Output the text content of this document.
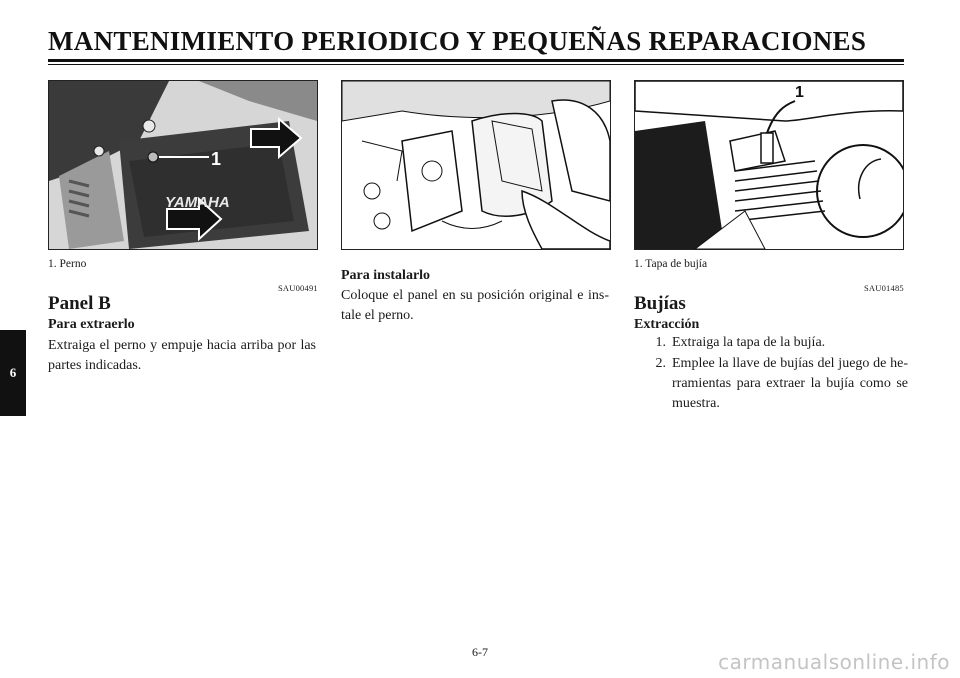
MANTENIMIENTO PERIODICO Y PEQUEÑAS REPARACIONES
6
1
YAMAHA
1
1. Perno
SAU00491
Panel B
Para extraerlo

Extraiga el perno y empuje hacia arriba por las partes indicadas.

Para instalarlo

Coloque el panel en su posición original e ins-tale el perno.

1. Tapa de bujía
SAU01485
Bujías
Extracción
1. Extraiga la tapa de la bujía.
2. Emplee la llave de bujías del juego de he-rramientas para extraer la bujía como se muestra.
6-7	carmanualsonline.info
